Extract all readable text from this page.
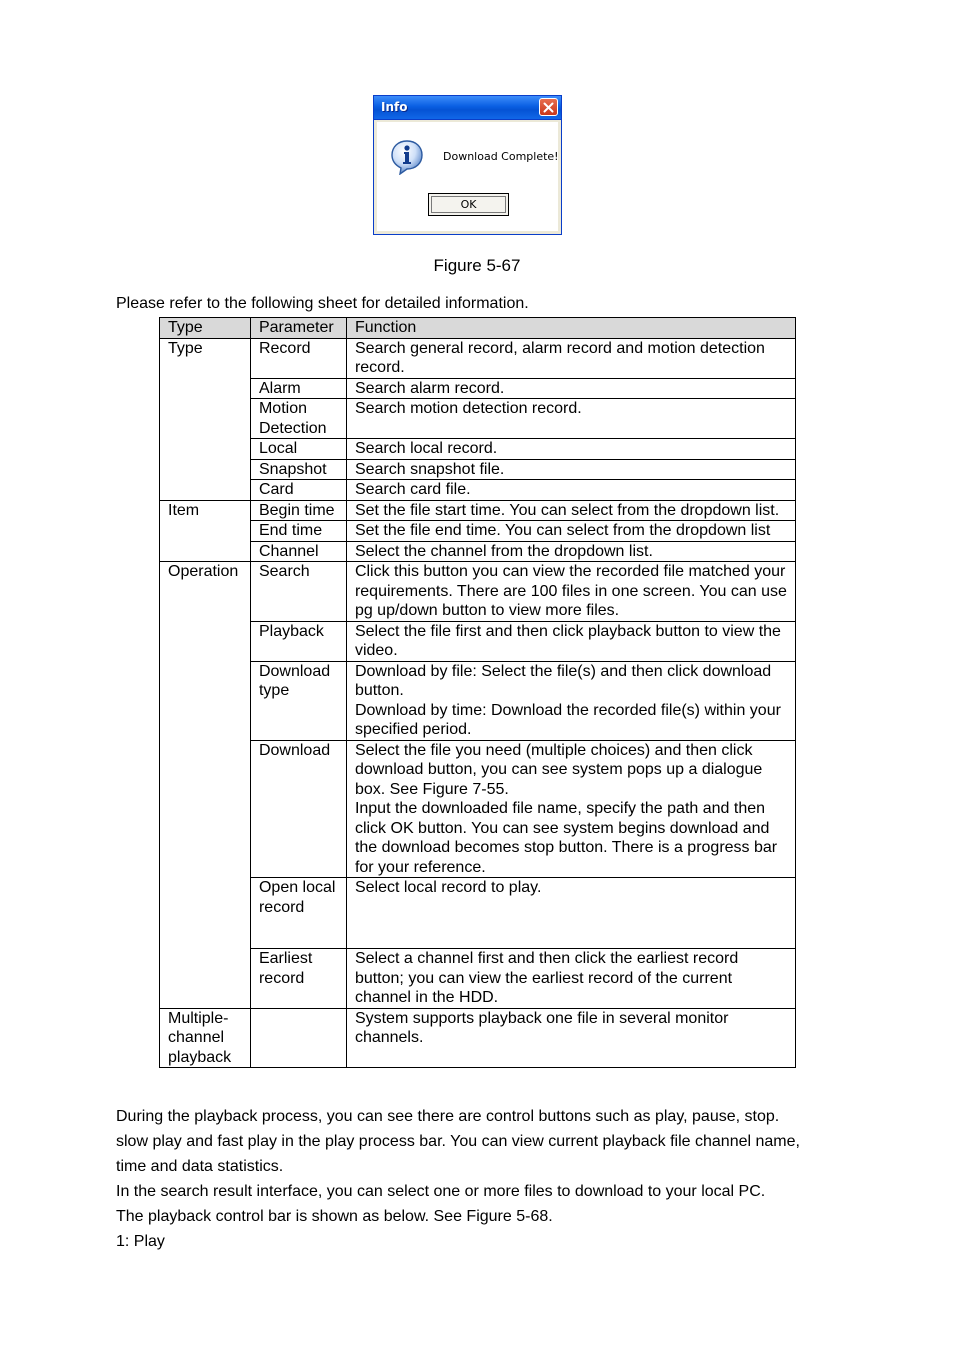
Info
Download Complete!
OK
Figure 5-67
Please refer to the following sheet for detailed information.
Type	Parameter	Function
Type	Record	Search general record, alarm record and motion detection record.
	Alarm	Search alarm record.
	Motion Detection	Search motion detection record.
	Local	Search local record.
	Snapshot	Search snapshot file.
	Card	Search card file.
Item	Begin time	Set the file start time. You can select from the dropdown list.
	End time	Set the file end time. You can select from the dropdown list
	Channel	Select the channel from the dropdown list.
Operation	Search	Click this button you can view the recorded file matched your requirements. There are 100 files in one screen. You can use pg up/down button to view more files.
	Playback	Select the file first and then click playback button to view the video.
	Download type	Download by file: Select the file(s) and then click download button.
Download by time: Download the recorded file(s) within your specified period.

	Download	Select the file you need (multiple choices) and then click download button, you can see system pops up a dialogue box. See Figure 7-55.
Input the downloaded file name, specify the path and then click OK button. You can see system begins download and the download becomes stop button. There is a progress bar for your reference.

	Open local record	Select local record to play.
	Earliest record	Select a channel first and then click the earliest record button; you can view the earliest record of the current channel in the HDD.
Multiple-channel playback		System supports playback one file in several monitor channels.
During the playback process, you can see there are control buttons such as play, pause, stop.
slow play and fast play in the play process bar. You can view current playback file channel name,
time and data statistics.
In the search result interface, you can select one or more files to download to your local PC.
The playback control bar is shown as below. See Figure 5-68.
1: Play
